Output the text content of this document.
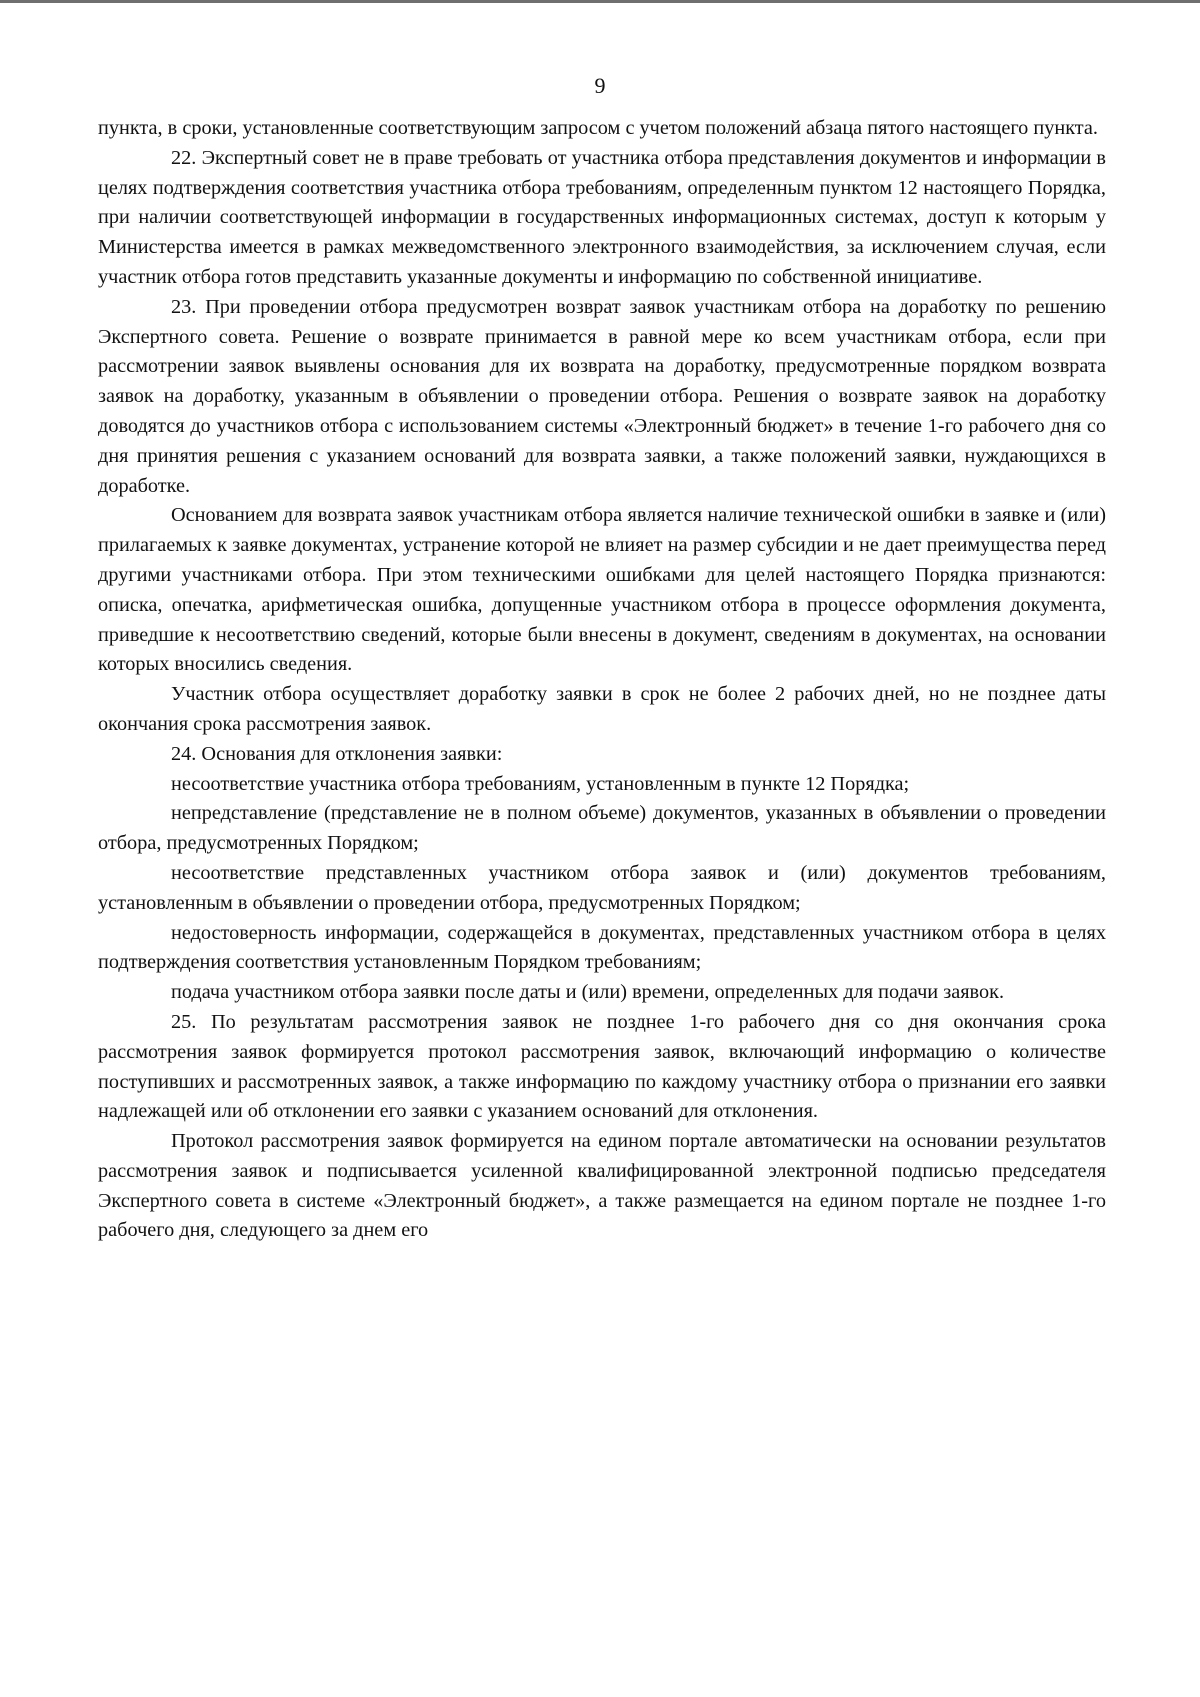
9

пункта, в сроки, установленные соответствующим запросом с учетом положений абзаца пятого настоящего пункта.

22. Экспертный совет не в праве требовать от участника отбора представления документов и информации в целях подтверждения соответствия участника отбора требованиям, определенным пунктом 12 настоящего Порядка, при наличии соответствующей информации в государственных информационных системах, доступ к которым у Министерства имеется в рамках межведомственного электронного взаимодействия, за исключением случая, если участник отбора готов представить указанные документы и информацию по собственной инициативе.

23. При проведении отбора предусмотрен возврат заявок участникам отбора на доработку по решению Экспертного совета. Решение о возврате принимается в равной мере ко всем участникам отбора, если при рассмотрении заявок выявлены основания для их возврата на доработку, предусмотренные порядком возврата заявок на доработку, указанным в объявлении о проведении отбора. Решения о возврате заявок на доработку доводятся до участников отбора с использованием системы «Электронный бюджет» в течение 1-го рабочего дня со дня принятия решения с указанием оснований для возврата заявки, а также положений заявки, нуждающихся в доработке.

Основанием для возврата заявок участникам отбора является наличие технической ошибки в заявке и (или) прилагаемых к заявке документах, устранение которой не влияет на размер субсидии и не дает преимущества перед другими участниками отбора. При этом техническими ошибками для целей настоящего Порядка признаются: описка, опечатка, арифметическая ошибка, допущенные участником отбора в процессе оформления документа, приведшие к несоответствию сведений, которые были внесены в документ, сведениям в документах, на основании которых вносились сведения.

Участник отбора осуществляет доработку заявки в срок не более 2 рабочих дней, но не позднее даты окончания срока рассмотрения заявок.

24. Основания для отклонения заявки:

несоответствие участника отбора требованиям, установленным в пункте 12 Порядка;

непредставление (представление не в полном объеме) документов, указанных в объявлении о проведении отбора, предусмотренных Порядком;

несоответствие представленных участником отбора заявок и (или) документов требованиям, установленным в объявлении о проведении отбора, предусмотренных Порядком;

недостоверность информации, содержащейся в документах, представленных участником отбора в целях подтверждения соответствия установленным Порядком требованиям;

подача участником отбора заявки после даты и (или) времени, определенных для подачи заявок.

25. По результатам рассмотрения заявок не позднее 1-го рабочего дня со дня окончания срока рассмотрения заявок формируется протокол рассмотрения заявок, включающий информацию о количестве поступивших и рассмотренных заявок, а также информацию по каждому участнику отбора о признании его заявки надлежащей или об отклонении его заявки с указанием оснований для отклонения.

Протокол рассмотрения заявок формируется на едином портале автоматически на основании результатов рассмотрения заявок и подписывается усиленной квалифицированной электронной подписью председателя Экспертного совета в системе «Электронный бюджет», а также размещается на едином портале не позднее 1-го рабочего дня, следующего за днем его
